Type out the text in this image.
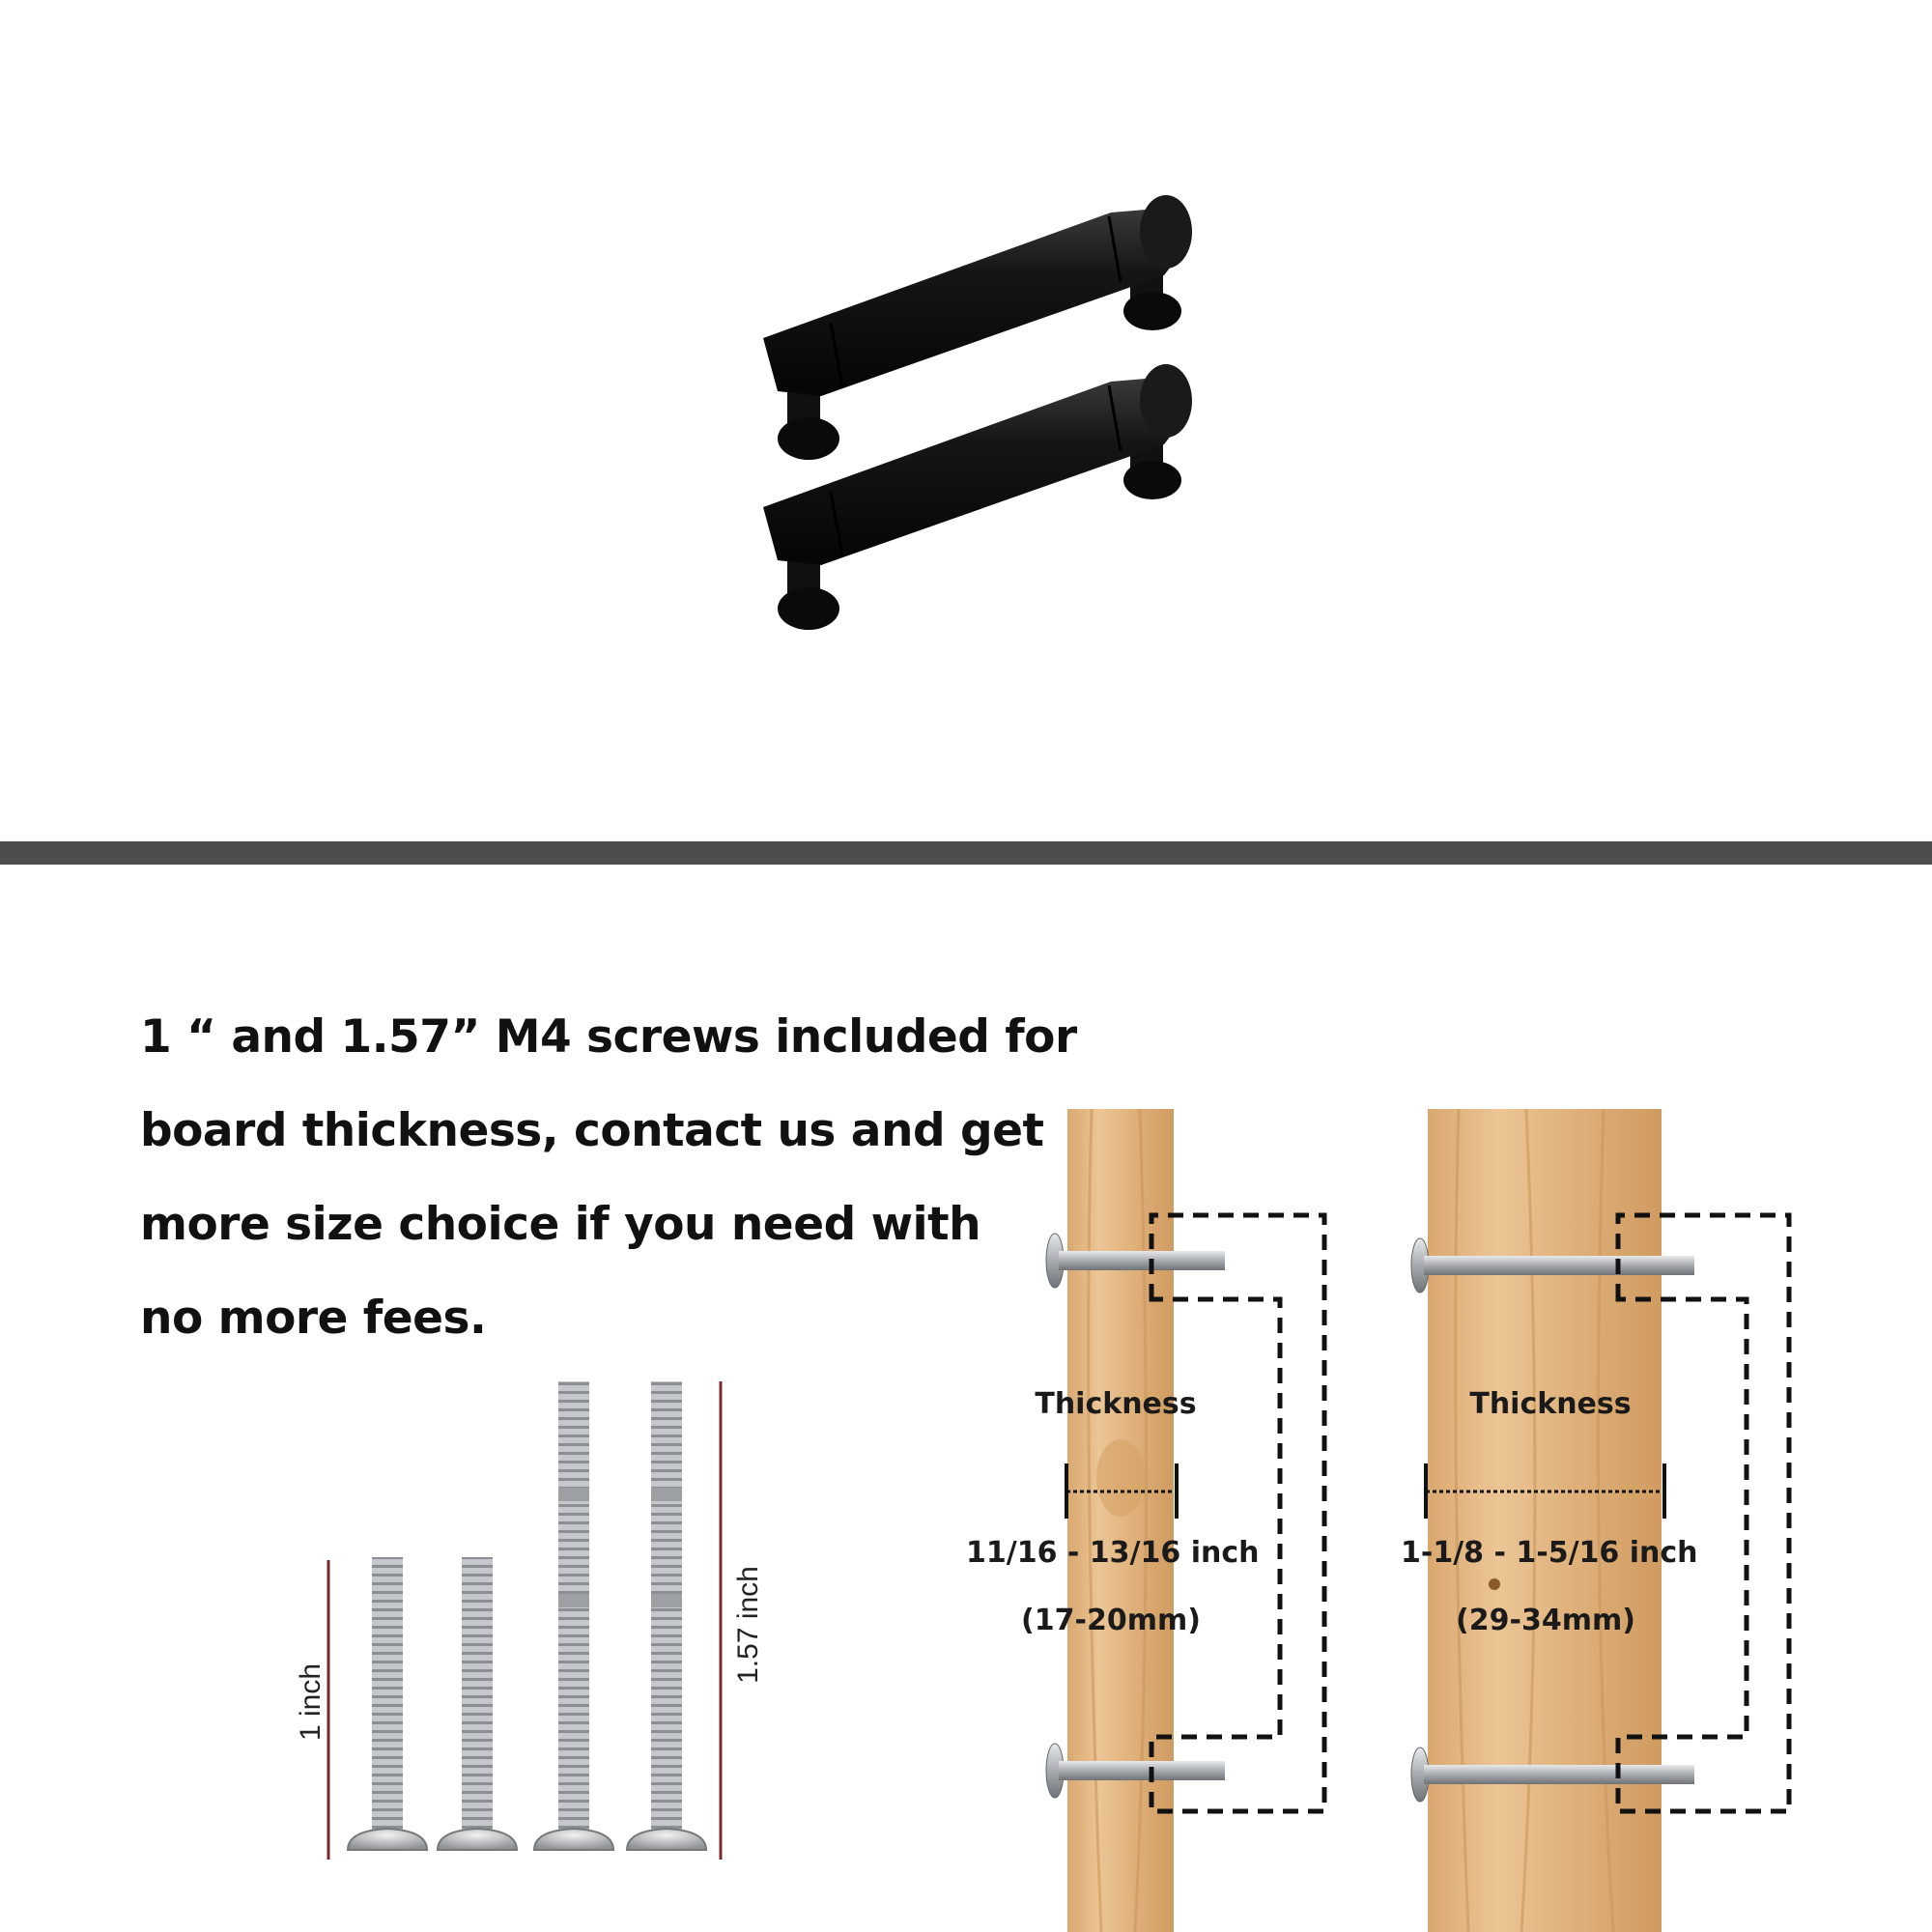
1 “ and 1.57” M4 screws included for
board thickness, contact us and get
more size choice if you need with
no more fees.
1 inch
1.57 inch
Thickness
11/16 - 13/16 inch
(17-20mm)
Thickness
1-1/8 - 1-5/16 inch
(29-34mm)
